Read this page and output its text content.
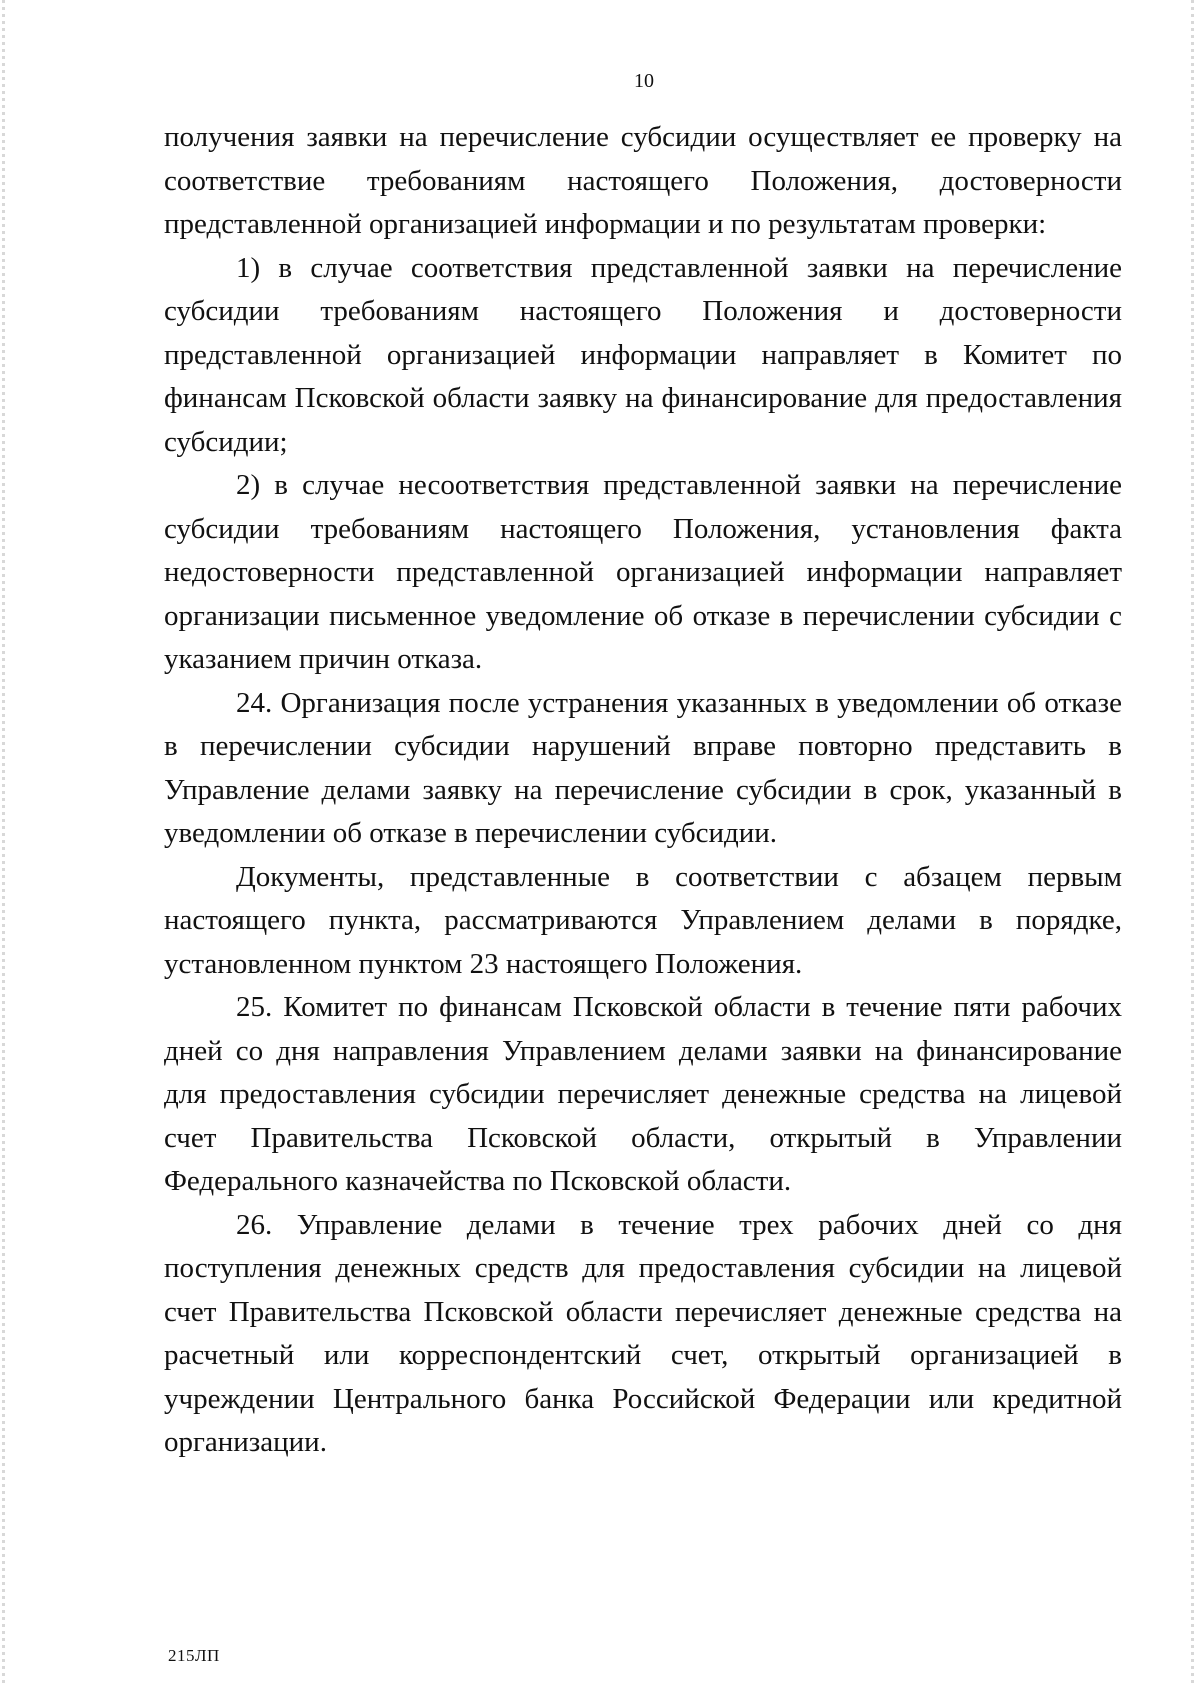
10

получения заявки на перечисление субсидии осуществляет ее проверку на соответствие требованиям настоящего Положения, достоверности представленной организацией информации и по результатам проверки:

1) в случае соответствия представленной заявки на перечисление субсидии требованиям настоящего Положения и достоверности представленной организацией информации направляет в Комитет по финансам Псковской области заявку на финансирование для предоставления субсидии;

2) в случае несоответствия представленной заявки на перечисление субсидии требованиям настоящего Положения, установления факта недостоверности представленной организацией информации направляет организации письменное уведомление об отказе в перечислении субсидии с указанием причин отказа.

24. Организация после устранения указанных в уведомлении об отказе в перечислении субсидии нарушений вправе повторно представить в Управление делами заявку на перечисление субсидии в срок, указанный в уведомлении об отказе в перечислении субсидии.

Документы, представленные в соответствии с абзацем первым настоящего пункта, рассматриваются Управлением делами в порядке, установленном пунктом 23 настоящего Положения.

25. Комитет по финансам Псковской области в течение пяти рабочих дней со дня направления Управлением делами заявки на финансирование для предоставления субсидии перечисляет денежные средства на лицевой счет Правительства Псковской области, открытый в Управлении Федерального казначейства по Псковской области.

26. Управление делами в течение трех рабочих дней со дня поступления денежных средств для предоставления субсидии на лицевой счет Правительства Псковской области перечисляет денежные средства на расчетный или корреспондентский счет, открытый организацией в учреждении Центрального банка Российской Федерации или кредитной организации.

215ЛП
